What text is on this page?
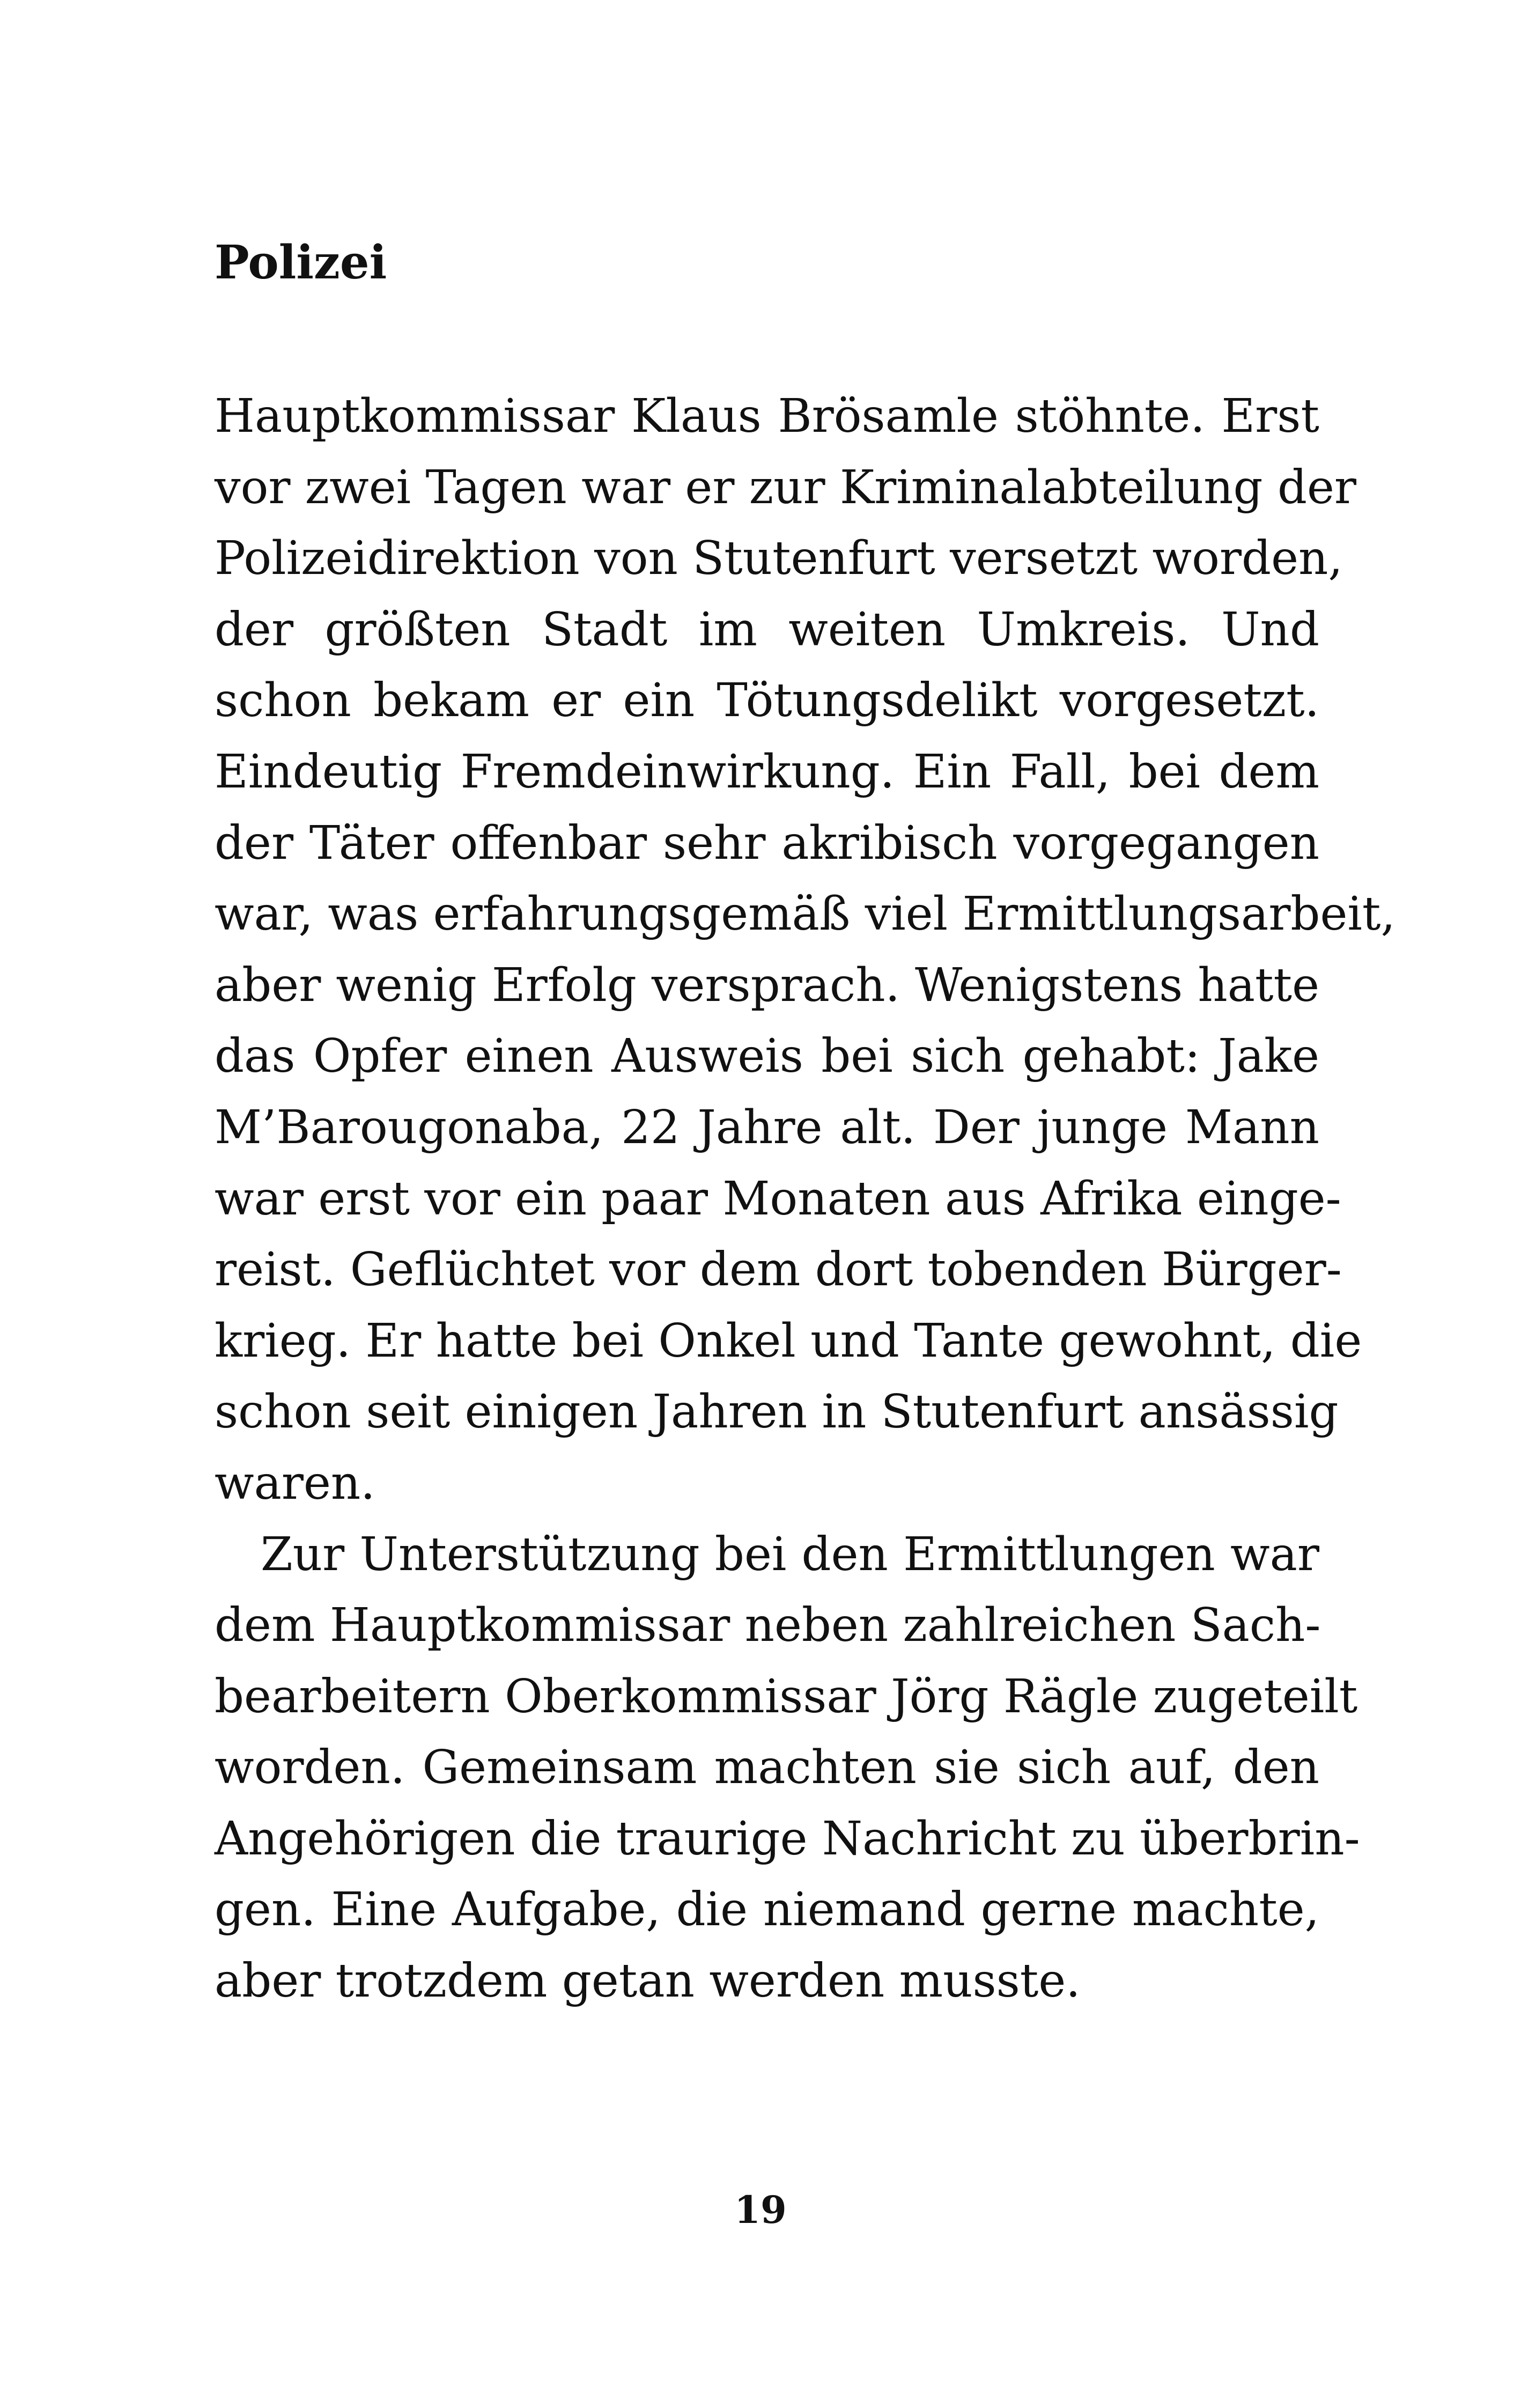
Polizei
Hauptkommissar Klaus Brösamle stöhnte. Erst
vor zwei Tagen war er zur Kriminalabteilung der
Polizeidirektion von Stutenfurt versetzt worden,
der größten Stadt im weiten Umkreis. Und
schon bekam er ein Tötungsdelikt vorgesetzt.
Eindeutig Fremdeinwirkung. Ein Fall, bei dem
der Täter offenbar sehr akribisch vorgegangen
war, was erfahrungsgemäß viel Ermittlungsarbeit,
aber wenig Erfolg versprach. Wenigstens hatte
das Opfer einen Ausweis bei sich gehabt: Jake
M’Barougonaba, 22 Jahre alt. Der junge Mann
war erst vor ein paar Monaten aus Afrika einge-
reist. Geflüchtet vor dem dort tobenden Bürger-
krieg. Er hatte bei Onkel und Tante gewohnt, die
schon seit einigen Jahren in Stutenfurt ansässig
waren.
Zur Unterstützung bei den Ermittlungen war
dem Hauptkommissar neben zahlreichen Sach-
bearbeitern Oberkommissar Jörg Rägle zugeteilt
worden. Gemeinsam machten sie sich auf, den
Angehörigen die traurige Nachricht zu überbrin-
gen. Eine Aufgabe, die niemand gerne machte,
aber trotzdem getan werden musste.
19
